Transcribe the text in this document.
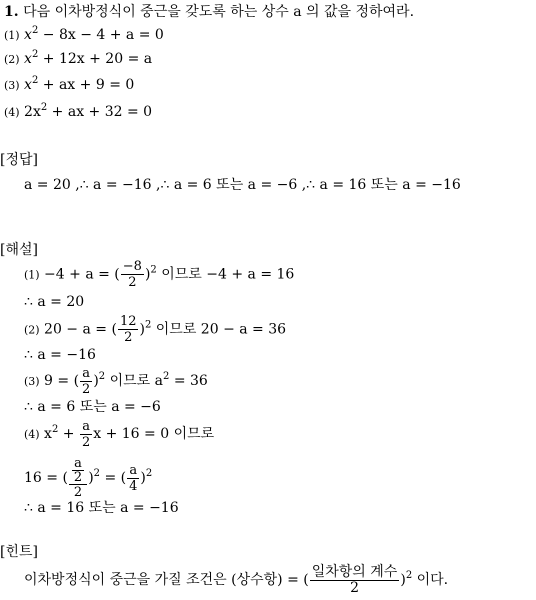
1. 다음 이차방정식이 중근을 갖도록 하는 상수 a 의 값을 정하여라.
(1) $x^2 - 8x - 4 + a = 0$
(2) $x^2 + 12x + 20 = a$
(3) $x^2$ + ax + 9 = 0
(4) $2x^2$ + ax + 32 = 0
[정답]
a = 20 ,∴ a = −16 ,∴ a = 6 또는 a = −6 ,∴ a = 16 또는 a = −16
[해설]
(1) −4 + a = ( $\frac{-8}{2} )^2$ 이므로 −4 + a = 16
∴ a = 20
(2) 20 − a = ( $\frac{12}{2} )^2$ 이므로 20 − a = 36
∴ a = −16
(3) 9 = ( $\frac{a}{2} )^2$ 이므로 $a^2 = 36$
∴ a = 6 또는 a = −6
(4) $x^2 + \frac{a}{2}$ x + 16 = 0 이므로
16 = ( $\frac{\frac{a}{2}}{2} )^2$ = ( $\frac{a}{4} )^2$
∴ a = 16 또는 a = −16
[힌트]
이차방정식이 중근을 가질 조건은 (상수항) = ( $\frac{\text{일차항의 계수}}{2} )^2$ 이다.
